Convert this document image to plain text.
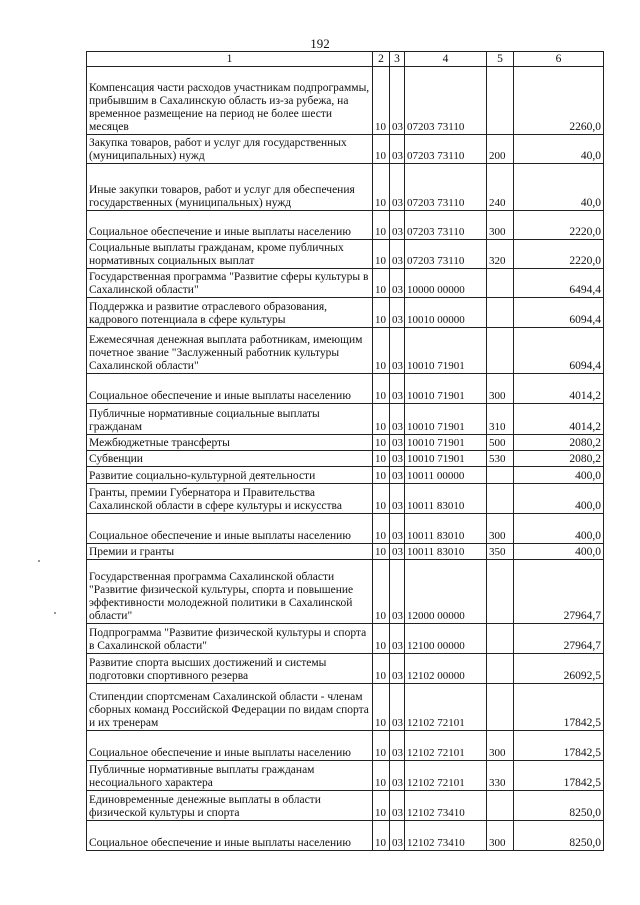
192
1	2	3	4	5	6
Компенсация части расходов участникам подпрограммы, прибывшим в Сахалинскую область из-за рубежа, на временное размещение на период не более шести месяцев	10	03	07203 73110		2260,0
Закупка товаров, работ и услуг для государственных (муниципальных) нужд	10	03	07203 73110	200	40,0
Иные закупки товаров, работ и услуг для обеспечения государственных (муниципальных) нужд	10	03	07203 73110	240	40,0
Социальное обеспечение и иные выплаты населению	10	03	07203 73110	300	2220,0
Социальные выплаты гражданам, кроме публичных нормативных социальных выплат	10	03	07203 73110	320	2220,0
Государственная программа "Развитие сферы культуры в Сахалинской области"	10	03	10000 00000		6494,4
Поддержка и развитие отраслевого образования, кадрового потенциала в сфере культуры	10	03	10010 00000		6094,4
Ежемесячная денежная выплата работникам, имеющим почетное звание "Заслуженный работник культуры Сахалинской области"	10	03	10010 71901		6094,4
Социальное обеспечение и иные выплаты населению	10	03	10010 71901	300	4014,2
Публичные нормативные социальные выплаты гражданам	10	03	10010 71901	310	4014,2
Межбюджетные трансферты	10	03	10010 71901	500	2080,2
Субвенции	10	03	10010 71901	530	2080,2
Развитие социально-культурной деятельности	10	03	10011 00000		400,0
Гранты, премии Губернатора и Правительства Сахалинской области в сфере культуры и искусства	10	03	10011 83010		400,0
Социальное обеспечение и иные выплаты населению	10	03	10011 83010	300	400,0
Премии и гранты	10	03	10011 83010	350	400,0
Государственная программа Сахалинской области "Развитие физической культуры, спорта и повышение эффективности молодежной политики в Сахалинской области"	10	03	12000 00000		27964,7
Подпрограмма "Развитие физической культуры и спорта в Сахалинской области"	10	03	12100 00000		27964,7
Развитие спорта высших достижений и системы подготовки спортивного резерва	10	03	12102 00000		26092,5
Стипендии спортсменам Сахалинской области - членам сборных команд Российской Федерации по видам спорта и их тренерам	10	03	12102 72101		17842,5
Социальное обеспечение и иные выплаты населению	10	03	12102 72101	300	17842,5
Публичные нормативные выплаты гражданам несоциального характера	10	03	12102 72101	330	17842,5
Единовременные денежные выплаты в области физической культуры и спорта	10	03	12102 73410		8250,0
Социальное обеспечение и иные выплаты населению	10	03	12102 73410	300	8250,0
